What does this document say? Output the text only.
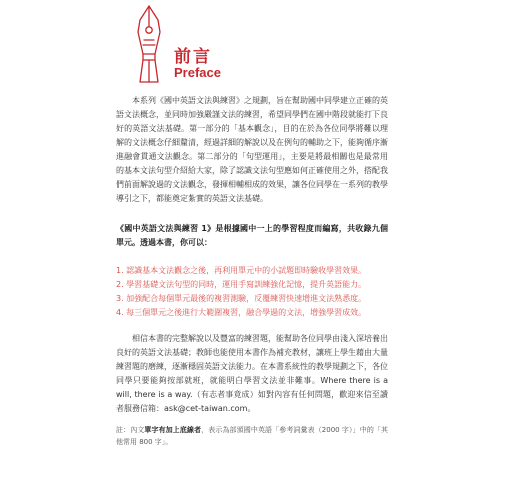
前言
Preface

本系列《國中英語文法與練習》之規劃，旨在幫助國中同學建立正確的英語文法概念，並同時加強嚴謹文法的練習，希望同學們在國中階段就能打下良好的英語文法基礎。第一部分的「基本觀念」，目的在於為各位同學將難以理解的文法概念仔細釐清，經過詳細的解說以及在例句的輔助之下，能夠循序漸進融會貫通文法觀念。第二部分的「句型運用」，主要是將最相關也是最常用的基本文法句型介紹給大家，除了認識文法句型應如何正確使用之外，搭配我們前面解說過的文法觀念，發揮相輔相成的效果，讓各位同學在一系列的教學導引之下，都能奠定紮實的英語文法基礎。

《國中英語文法與練習 1》是根據國中一上的學習程度而編寫，共收錄九個單元。透過本書，你可以：

1. 認識基本文法觀念之後，再利用單元中的小試題即時驗收學習效果。
2. 學習基礎文法句型的同時，運用手寫訓練強化記憶，提升英語能力。
3. 加強配合每個單元最後的複習測驗，反覆練習快速增進文法熟悉度。
4. 每三個單元之後進行大範圍複習，融合學過的文法，增強學習成效。

相信本書的完整解說以及豐富的練習題，能幫助各位同學由淺入深培養出良好的英語文法基礎；教師也能使用本書作為補充教材，讓班上學生藉由大量練習題的磨練，逐漸穩固英語文法能力。在本書系統性的教學規劃之下，各位同學只要能夠按部就班，就能明白學習文法並非難事。Where there is a will, there is a way.（有志者事竟成）如對內容有任何問題，歡迎來信至讀者服務信箱：ask@cet-taiwan.com。

註：內文單字有加上底線者，表示為部頒國中英語「參考詞彙表（2000 字）」中的「其他常用 800 字」。
